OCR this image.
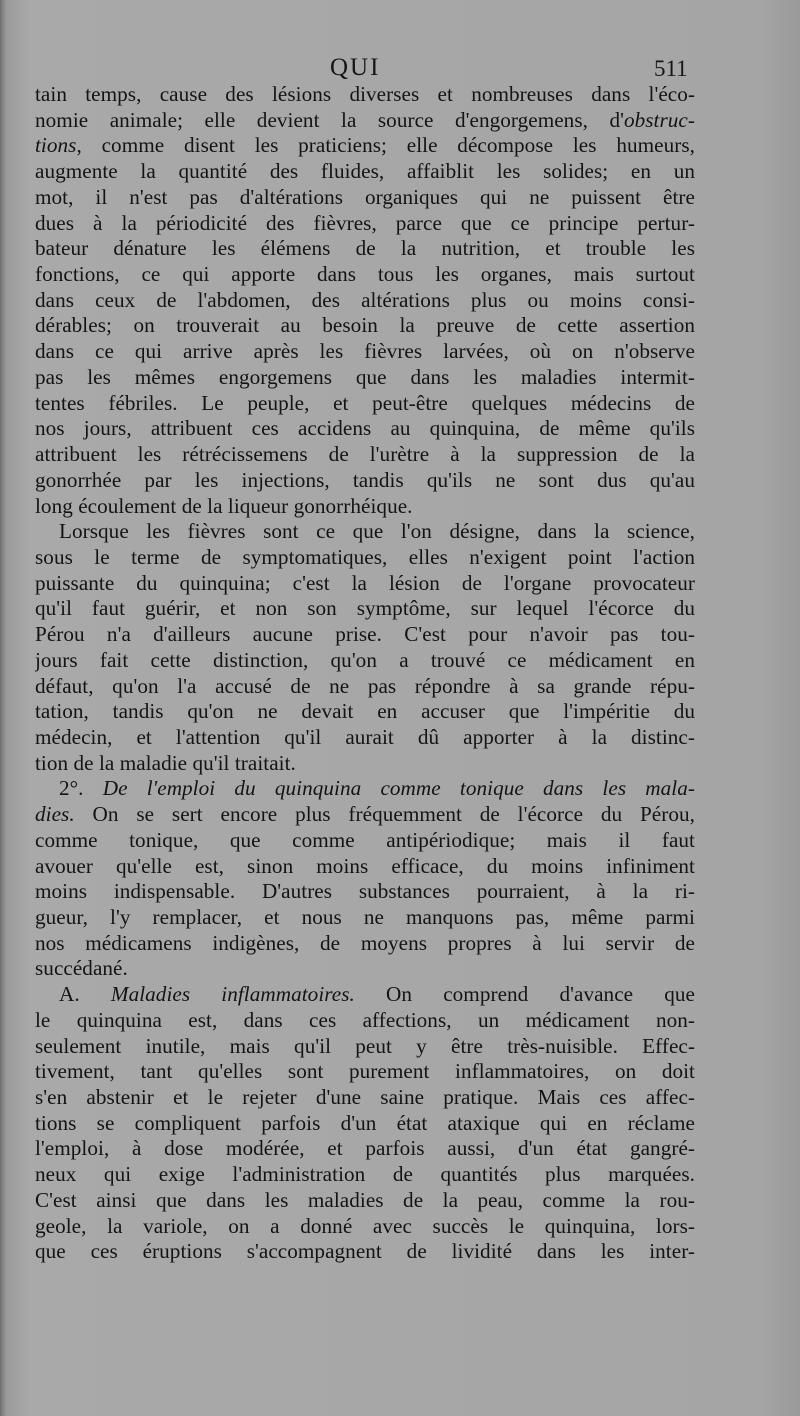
QUI	511
tain temps, cause des lésions diverses et nombreuses dans l'éco-
nomie animale; elle devient la source d'engorgemens, d'obstruc-
tions, comme disent les praticiens; elle décompose les humeurs,
augmente la quantité des fluides, affaiblit les solides; en un
mot, il n'est pas d'altérations organiques qui ne puissent être
dues à la périodicité des fièvres, parce que ce principe pertur-
bateur dénature les élémens de la nutrition, et trouble les
fonctions, ce qui apporte dans tous les organes, mais surtout
dans ceux de l'abdomen, des altérations plus ou moins consi-
dérables; on trouverait au besoin la preuve de cette assertion
dans ce qui arrive après les fièvres larvées, où on n'observe
pas les mêmes engorgemens que dans les maladies intermit-
tentes fébriles. Le peuple, et peut-être quelques médecins de
nos jours, attribuent ces accidens au quinquina, de même qu'ils
attribuent les rétrécissemens de l'urètre à la suppression de la
gonorrhée par les injections, tandis qu'ils ne sont dus qu'au
long écoulement de la liqueur gonorrhéique.
Lorsque les fièvres sont ce que l'on désigne, dans la science,
sous le terme de symptomatiques, elles n'exigent point l'action
puissante du quinquina; c'est la lésion de l'organe provocateur
qu'il faut guérir, et non son symptôme, sur lequel l'écorce du
Pérou n'a d'ailleurs aucune prise. C'est pour n'avoir pas tou-
jours fait cette distinction, qu'on a trouvé ce médicament en
défaut, qu'on l'a accusé de ne pas répondre à sa grande répu-
tation, tandis qu'on ne devait en accuser que l'impéritie du
médecin, et l'attention qu'il aurait dû apporter à la distinc-
tion de la maladie qu'il traitait.
2°. De l'emploi du quinquina comme tonique dans les mala-
dies. On se sert encore plus fréquemment de l'écorce du Pérou,
comme tonique, que comme antipériodique; mais il faut
avouer qu'elle est, sinon moins efficace, du moins infiniment
moins indispensable. D'autres substances pourraient, à la ri-
gueur, l'y remplacer, et nous ne manquons pas, même parmi
nos médicamens indigènes, de moyens propres à lui servir de
succédané.
A. Maladies inflammatoires. On comprend d'avance que
le quinquina est, dans ces affections, un médicament non-
seulement inutile, mais qu'il peut y être très-nuisible. Effec-
tivement, tant qu'elles sont purement inflammatoires, on doit
s'en abstenir et le rejeter d'une saine pratique. Mais ces affec-
tions se compliquent parfois d'un état ataxique qui en réclame
l'emploi, à dose modérée, et parfois aussi, d'un état gangré-
neux qui exige l'administration de quantités plus marquées.
C'est ainsi que dans les maladies de la peau, comme la rou-
geole, la variole, on a donné avec succès le quinquina, lors-
que ces éruptions s'accompagnent de lividité dans les inter-
